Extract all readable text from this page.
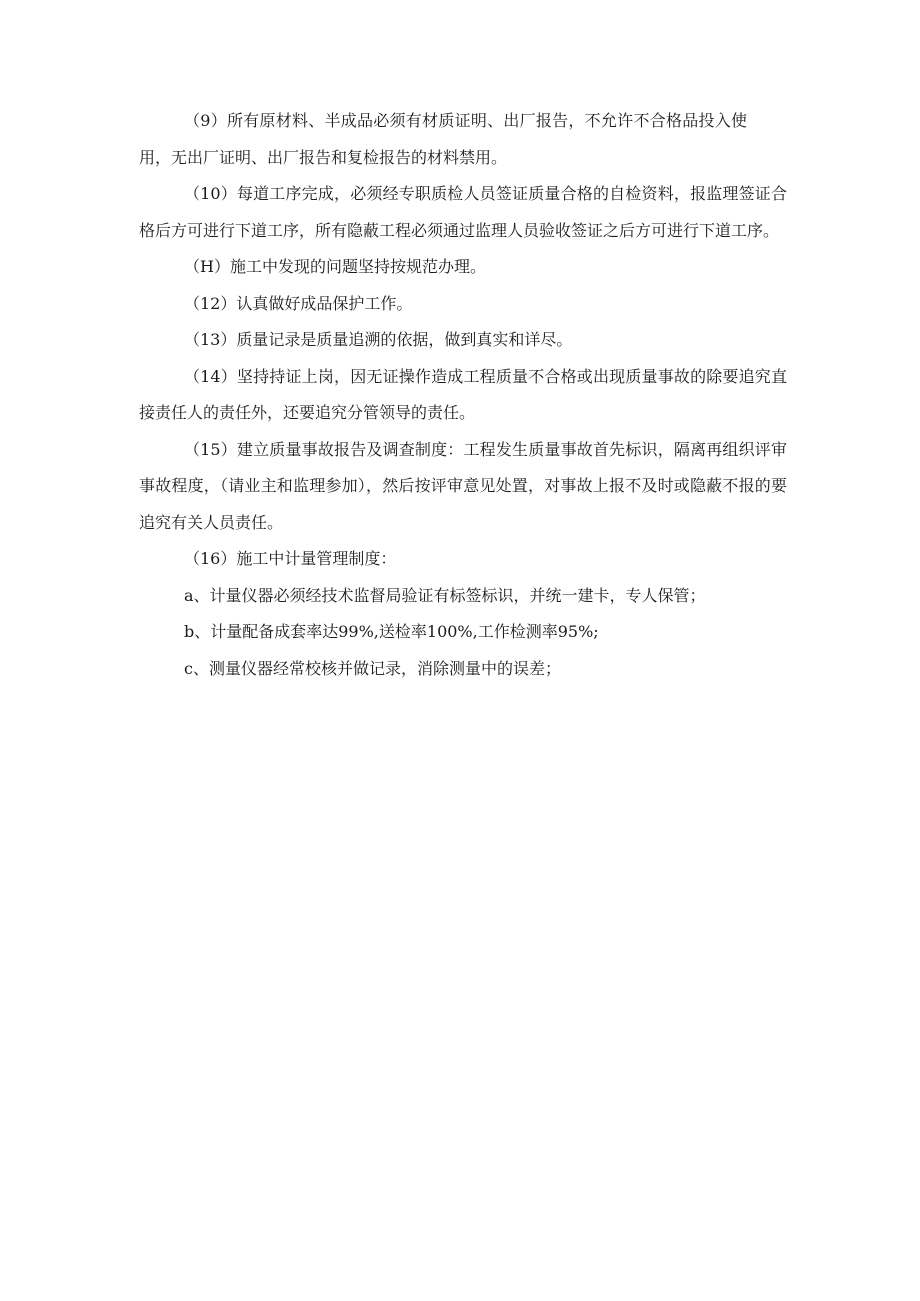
（9）所有原材料、半成品必须有材质证明、出厂报告，不允许不合格品投入使用，无出厂证明、出厂报告和复检报告的材料禁用。

（10）每道工序完成，必须经专职质检人员签证质量合格的自检资料，报监理签证合格后方可进行下道工序，所有隐蔽工程必须通过监理人员验收签证之后方可进行下道工序。

（H）施工中发现的问题坚持按规范办理。

（12）认真做好成品保护工作。

（13）质量记录是质量追溯的依据，做到真实和详尽。

（14）坚持持证上岗，因无证操作造成工程质量不合格或出现质量事故的除要追究直接责任人的责任外，还要追究分管领导的责任。

（15）建立质量事故报告及调查制度：工程发生质量事故首先标识，隔离再组织评审事故程度，（请业主和监理参加），然后按评审意见处置，对事故上报不及时或隐蔽不报的要追究有关人员责任。

（16）施工中计量管理制度：

a、计量仪器必须经技术监督局验证有标签标识，并统一建卡，专人保管；

b、计量配备成套率达99%,送检率100%,工作检测率95%;

c、测量仪器经常校核并做记录，消除测量中的误差；
